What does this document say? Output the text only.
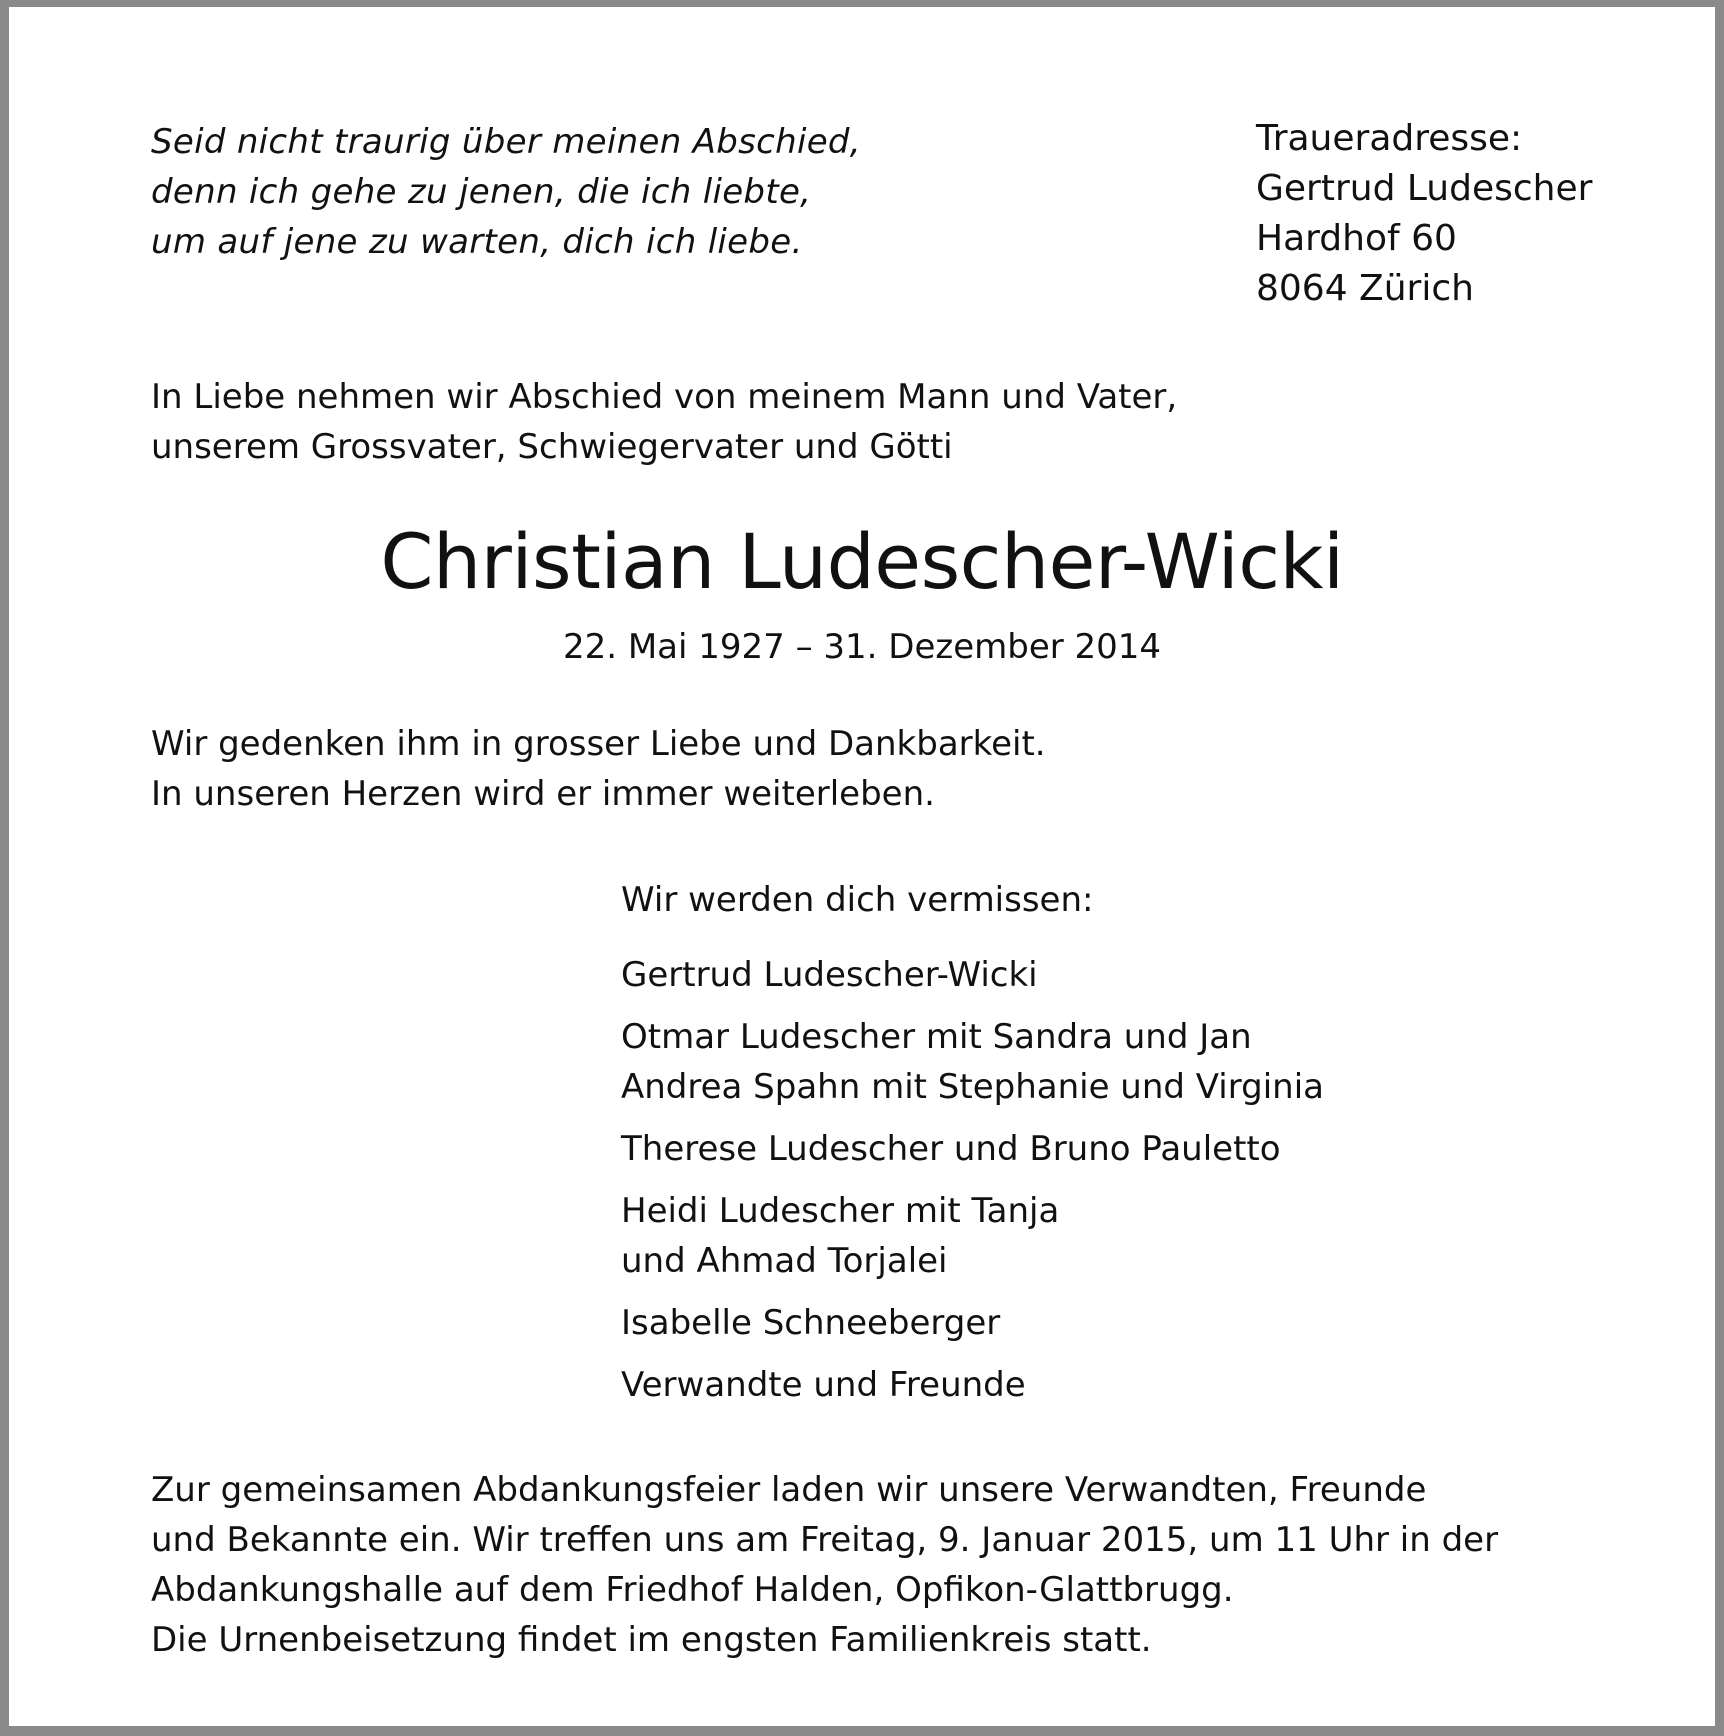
Seid nicht traurig über meinen Abschied,
denn ich gehe zu jenen, die ich liebte,
um auf jene zu warten, dich ich liebe.

Traueradresse:
Gertrud Ludescher
Hardhof 60
8064 Zürich

In Liebe nehmen wir Abschied von meinem Mann und Vater,
unserem Grossvater, Schwiegervater und Götti

Christian Ludescher-Wicki

22. Mai 1927 – 31. Dezember 2014

Wir gedenken ihm in grosser Liebe und Dankbarkeit.
In unseren Herzen wird er immer weiterleben.

Wir werden dich vermissen:

Gertrud Ludescher-Wicki
Otmar Ludescher mit Sandra und Jan
Andrea Spahn mit Stephanie und Virginia
Therese Ludescher und Bruno Pauletto
Heidi Ludescher mit Tanja
und Ahmad Torjalei
Isabelle Schneeberger
Verwandte und Freunde

Zur gemeinsamen Abdankungsfeier laden wir unsere Verwandten, Freunde
und Bekannte ein. Wir treffen uns am Freitag, 9. Januar 2015, um 11 Uhr in der
Abdankungshalle auf dem Friedhof Halden, Opfikon-Glattbrugg.
Die Urnenbeisetzung findet im engsten Familienkreis statt.
